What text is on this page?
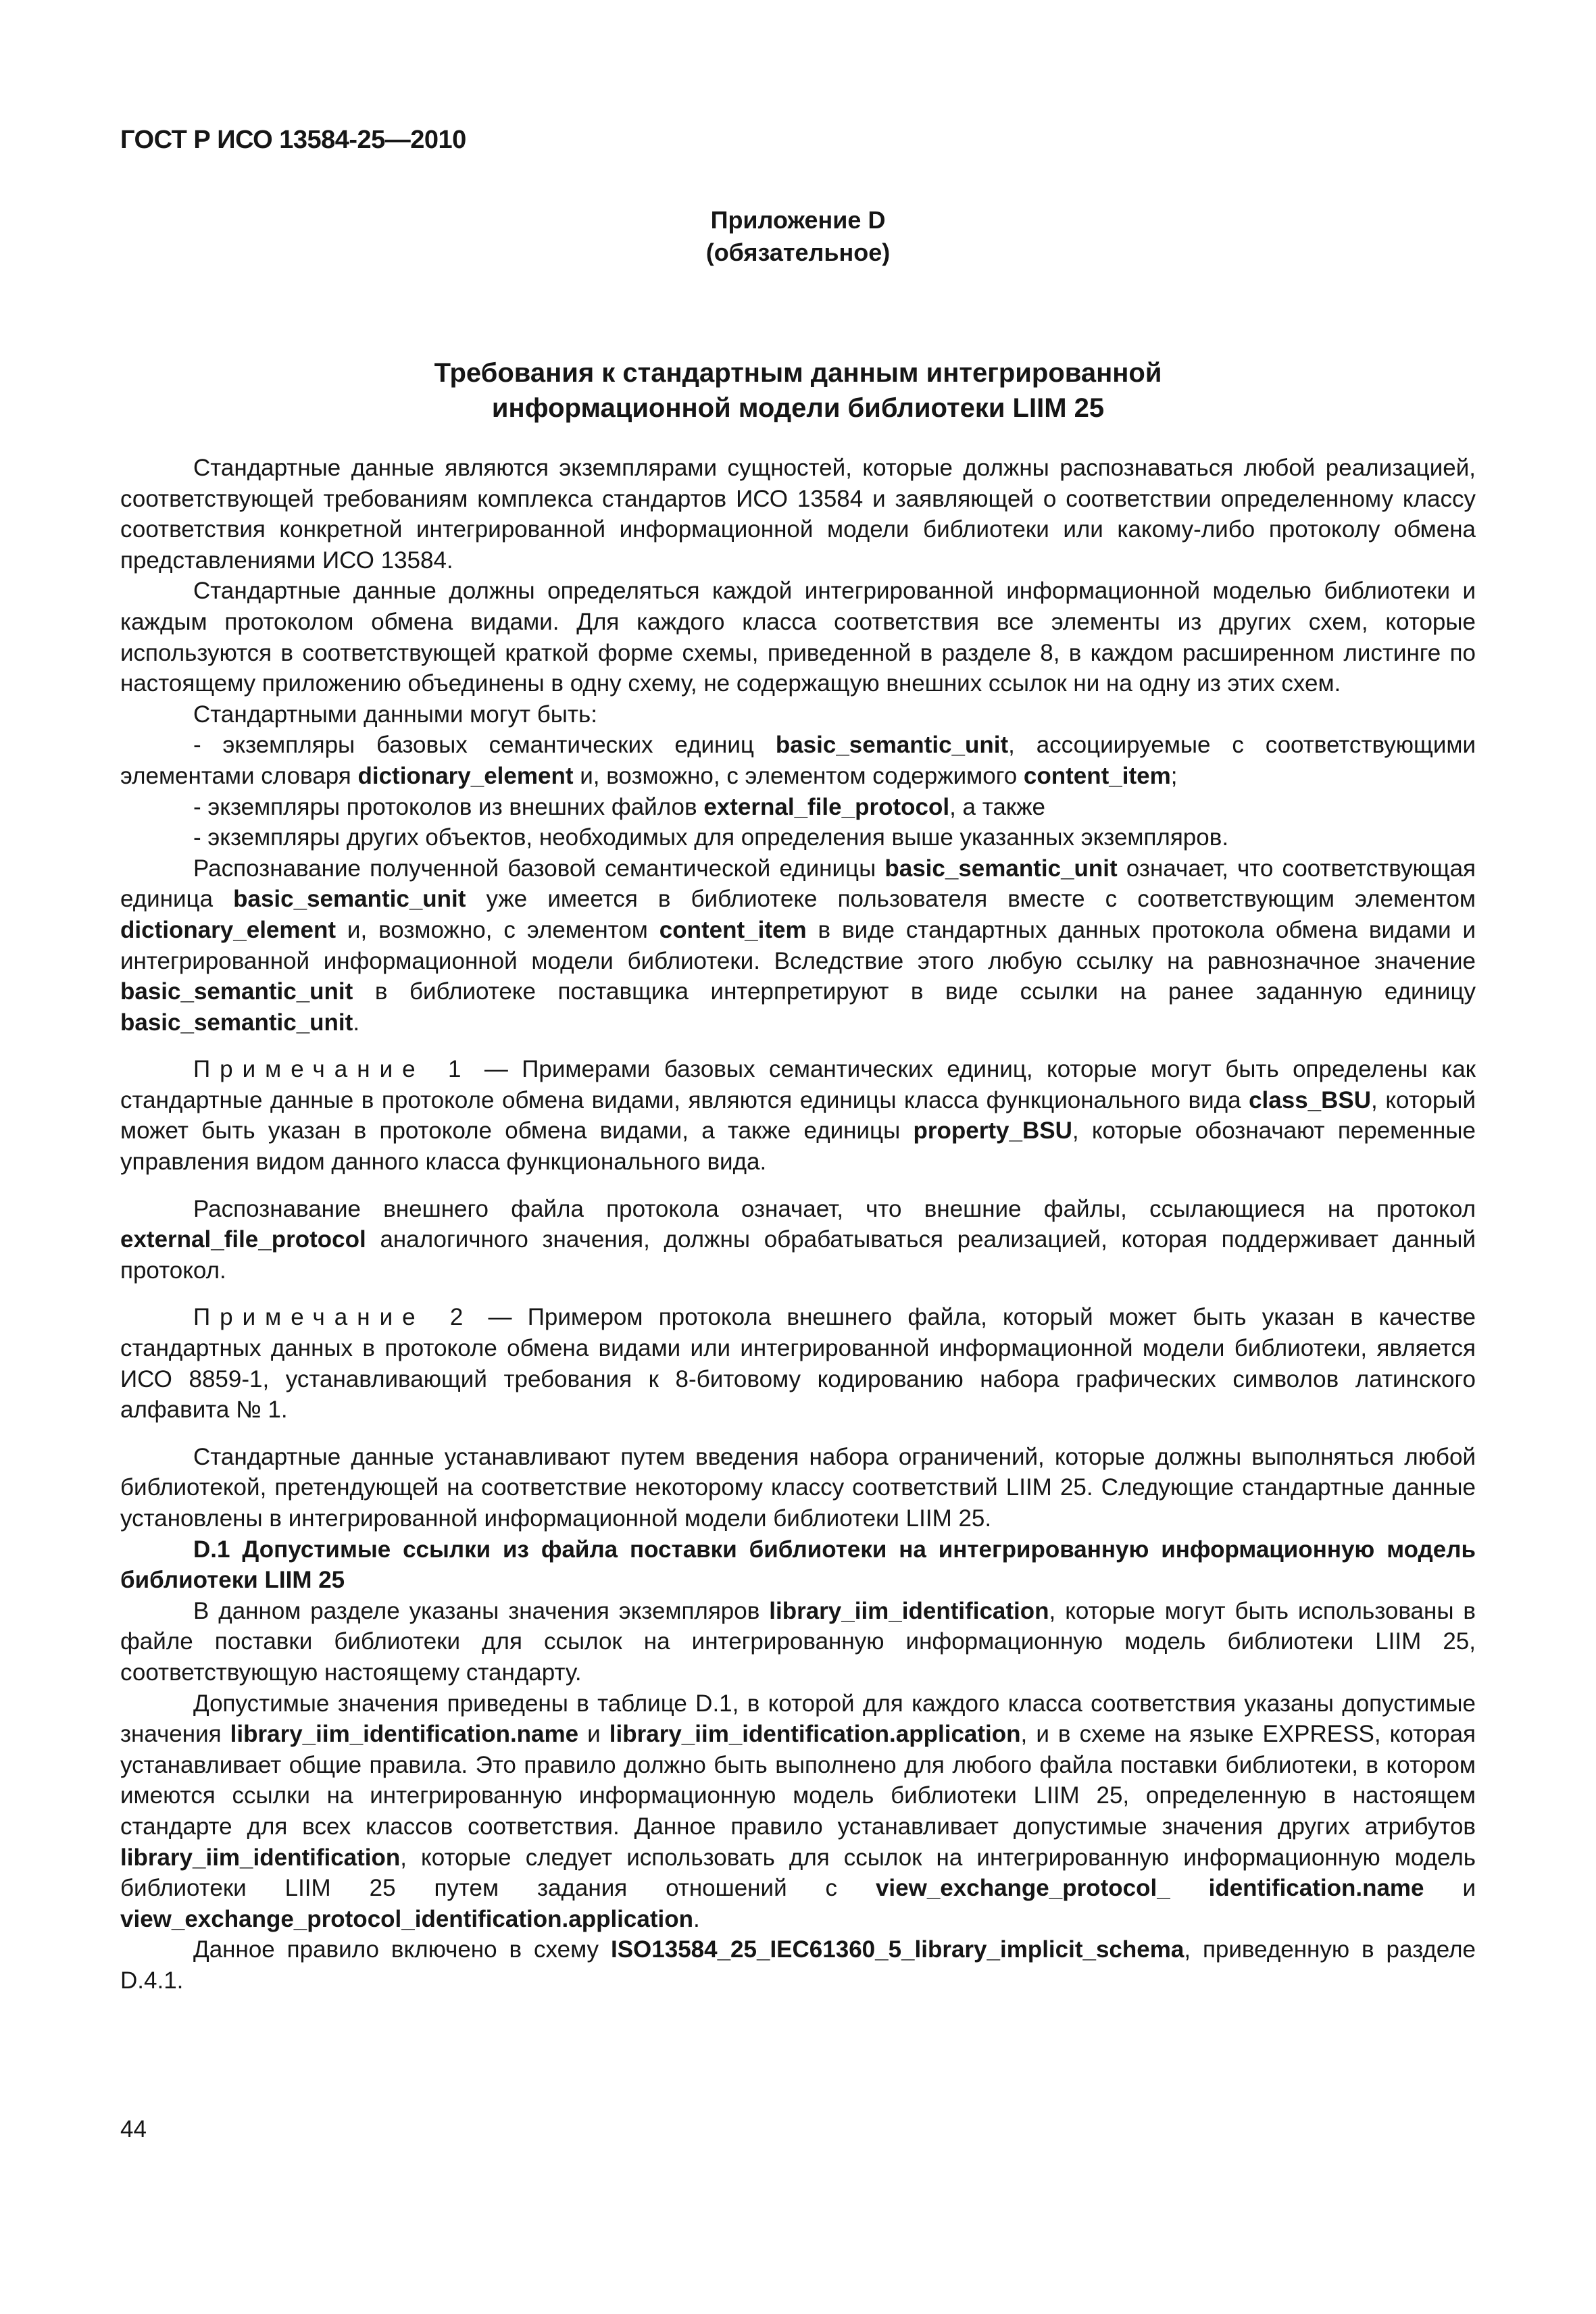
ГОСТ Р ИСО 13584-25—2010
Приложение D
(обязательное)
Требования к стандартным данным интегрированной
информационной модели библиотеки LIIM 25

Стандартные данные являются экземплярами сущностей, которые должны распознаваться любой реализацией, соответствующей требованиям комплекса стандартов ИСО 13584 и заявляющей о соответствии определенному классу соответствия конкретной интегрированной информационной модели библиотеки или какому-либо протоколу обмена представлениями ИСО 13584.

Стандартные данные должны определяться каждой интегрированной информационной моделью библиотеки и каждым протоколом обмена видами. Для каждого класса соответствия все элементы из других схем, которые используются в соответствующей краткой форме схемы, приведенной в разделе 8, в каждом расширенном листинге по настоящему приложению объединены в одну схему, не содержащую внешних ссылок ни на одну из этих схем.

Стандартными данными могут быть:

- экземпляры базовых семантических единиц basic_semantic_unit, ассоциируемые с соответствующими элементами словаря dictionary_element и, возможно, с элементом содержимого content_item;

- экземпляры протоколов из внешних файлов external_file_protocol, а также

- экземпляры других объектов, необходимых для определения выше указанных экземпляров.

Распознавание полученной базовой семантической единицы basic_semantic_unit означает, что соответствующая единица basic_semantic_unit уже имеется в библиотеке пользователя вместе с соответствующим элементом dictionary_element и, возможно, с элементом content_item в виде стандартных данных протокола обмена видами и интегрированной информационной модели библиотеки. Вследствие этого любую ссылку на равнозначное значение basic_semantic_unit в библиотеке поставщика интерпретируют в виде ссылки на ранее заданную единицу basic_semantic_unit.

Примечание 1 — Примерами базовых семантических единиц, которые могут быть определены как стандартные данные в протоколе обмена видами, являются единицы класса функционального вида class_BSU, который может быть указан в протоколе обмена видами, а также единицы property_BSU, которые обозначают переменные управления видом данного класса функционального вида.

Распознавание внешнего файла протокола означает, что внешние файлы, ссылающиеся на протокол external_file_protocol аналогичного значения, должны обрабатываться реализацией, которая поддерживает данный протокол.

Примечание 2 — Примером протокола внешнего файла, который может быть указан в качестве стандартных данных в протоколе обмена видами или интегрированной информационной модели библиотеки, является ИСО 8859-1, устанавливающий требования к 8-битовому кодированию набора графических символов латинского алфавита № 1.

Стандартные данные устанавливают путем введения набора ограничений, которые должны выполняться любой библиотекой, претендующей на соответствие некоторому классу соответствий LIIM 25. Следующие стандартные данные установлены в интегрированной информационной модели библиотеки LIIM 25.

D.1 Допустимые ссылки из файла поставки библиотеки на интегрированную информационную модель библиотеки LIIM 25

В данном разделе указаны значения экземпляров library_iim_identification, которые могут быть использованы в файле поставки библиотеки для ссылок на интегрированную информационную модель библиотеки LIIM 25, соответствующую настоящему стандарту.

Допустимые значения приведены в таблице D.1, в которой для каждого класса соответствия указаны допустимые значения library_iim_identification.name и library_iim_identification.application, и в схеме на языке EXPRESS, которая устанавливает общие правила. Это правило должно быть выполнено для любого файла поставки библиотеки, в котором имеются ссылки на интегрированную информационную модель библиотеки LIIM 25, определенную в настоящем стандарте для всех классов соответствия. Данное правило устанавливает допустимые значения других атрибутов library_iim_identification, которые следует использовать для ссылок на интегрированную информационную модель библиотеки LIIM 25 путем задания отношений с view_exchange_protocol_ identification.name и view_exchange_protocol_identification.application.

Данное правило включено в схему ISO13584_25_IEC61360_5_library_implicit_schema, приведенную в разделе D.4.1.

44
